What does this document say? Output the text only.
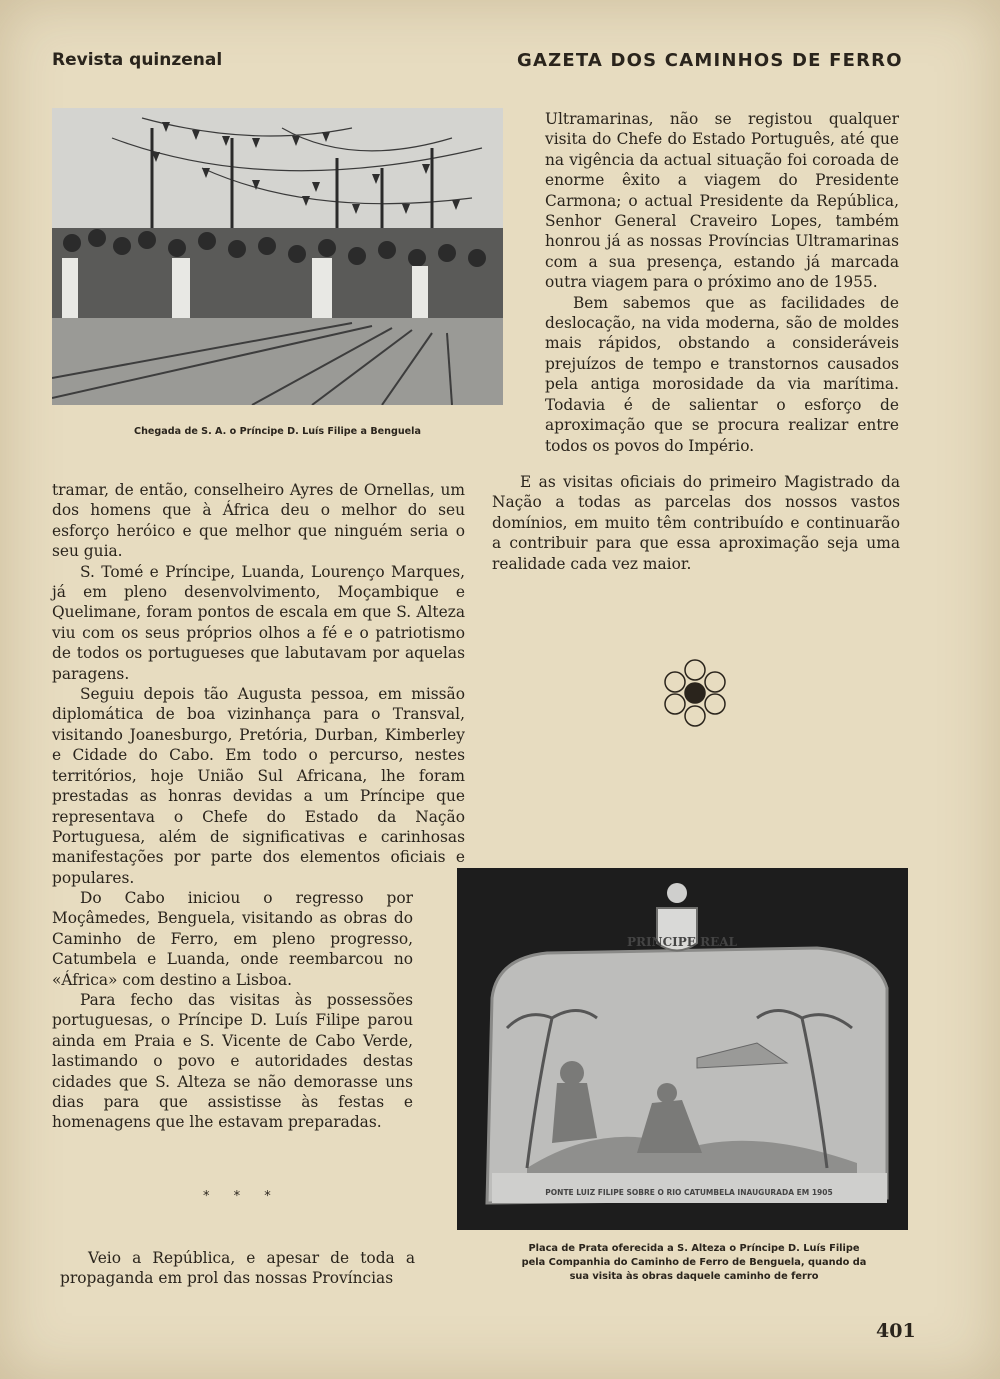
Revista quinzenal	GAZETA DOS CAMINHOS DE FERRO
Chegada de S. A. o Príncipe D. Luís Filipe a Benguela

Ultramarinas, não se registou qualquer visita do Chefe do Estado Português, até que na vigência da actual situação foi coroada de enorme êxito a viagem do Presidente Carmona; o actual Presidente da República, Senhor General Craveiro Lopes, também honrou já as nossas Províncias Ultramarinas com a sua presença, estando já marcada outra viagem para o próximo ano de 1955.

Bem sabemos que as facilidades de deslocação, na vida moderna, são de moldes mais rápidos, obstando a consideráveis prejuízos de tempo e transtornos causados pela antiga morosidade da via marítima. Todavia é de salientar o esforço de aproximação que se procura realizar entre todos os povos do Império.

E as visitas oficiais do primeiro Magistrado da Nação a todas as parcelas dos nossos vastos domínios, em muito têm contribuído e continuarão a contribuir para que essa aproximação seja uma realidade cada vez maior.

tramar, de então, conselheiro Ayres de Ornellas, um dos homens que à África deu o melhor do seu esforço heróico e que melhor que ninguém seria o seu guia.

S. Tomé e Príncipe, Luanda, Lourenço Marques, já em pleno desenvolvimento, Moçambique e Quelimane, foram pontos de escala em que S. Alteza viu com os seus próprios olhos a fé e o patriotismo de todos os portugueses que labutavam por aquelas paragens.

Seguiu depois tão Augusta pessoa, em missão diplomática de boa vizinhança para o Transval, visitando Joanesburgo, Pretória, Durban, Kimberley e Cidade do Cabo. Em todo o percurso, nestes territórios, hoje União Sul Africana, lhe foram prestadas as honras devidas a um Príncipe que representava o Chefe do Estado da Nação Portuguesa, além de significativas e carinhosas manifestações por parte dos elementos oficiais e populares.

Do Cabo iniciou o regresso por Moçâmedes, Benguela, visitando as obras do Caminho de Ferro, em pleno progresso, Catumbela e Luanda, onde reembarcou no «África» com destino a Lisboa.

Para fecho das visitas às possessões portuguesas, o Príncipe D. Luís Filipe parou ainda em Praia e S. Vicente de Cabo Verde, lastimando o povo e autoridades destas cidades que S. Alteza se não demorasse uns dias para que assistisse às festas e homenagens que lhe estavam preparadas.

* * *

Veio a República, e apesar de toda a propaganda em prol das nossas Províncias

PRINCIPE REAL
PONTE LUIZ FILIPE SOBRE O RIO CATUMBELA INAUGURADA EM 1905
Placa de Prata oferecida a S. Alteza o Príncipe D. Luís Filipe pela Companhia do Caminho de Ferro de Benguela, quando da sua visita às obras daquele caminho de ferro
401
